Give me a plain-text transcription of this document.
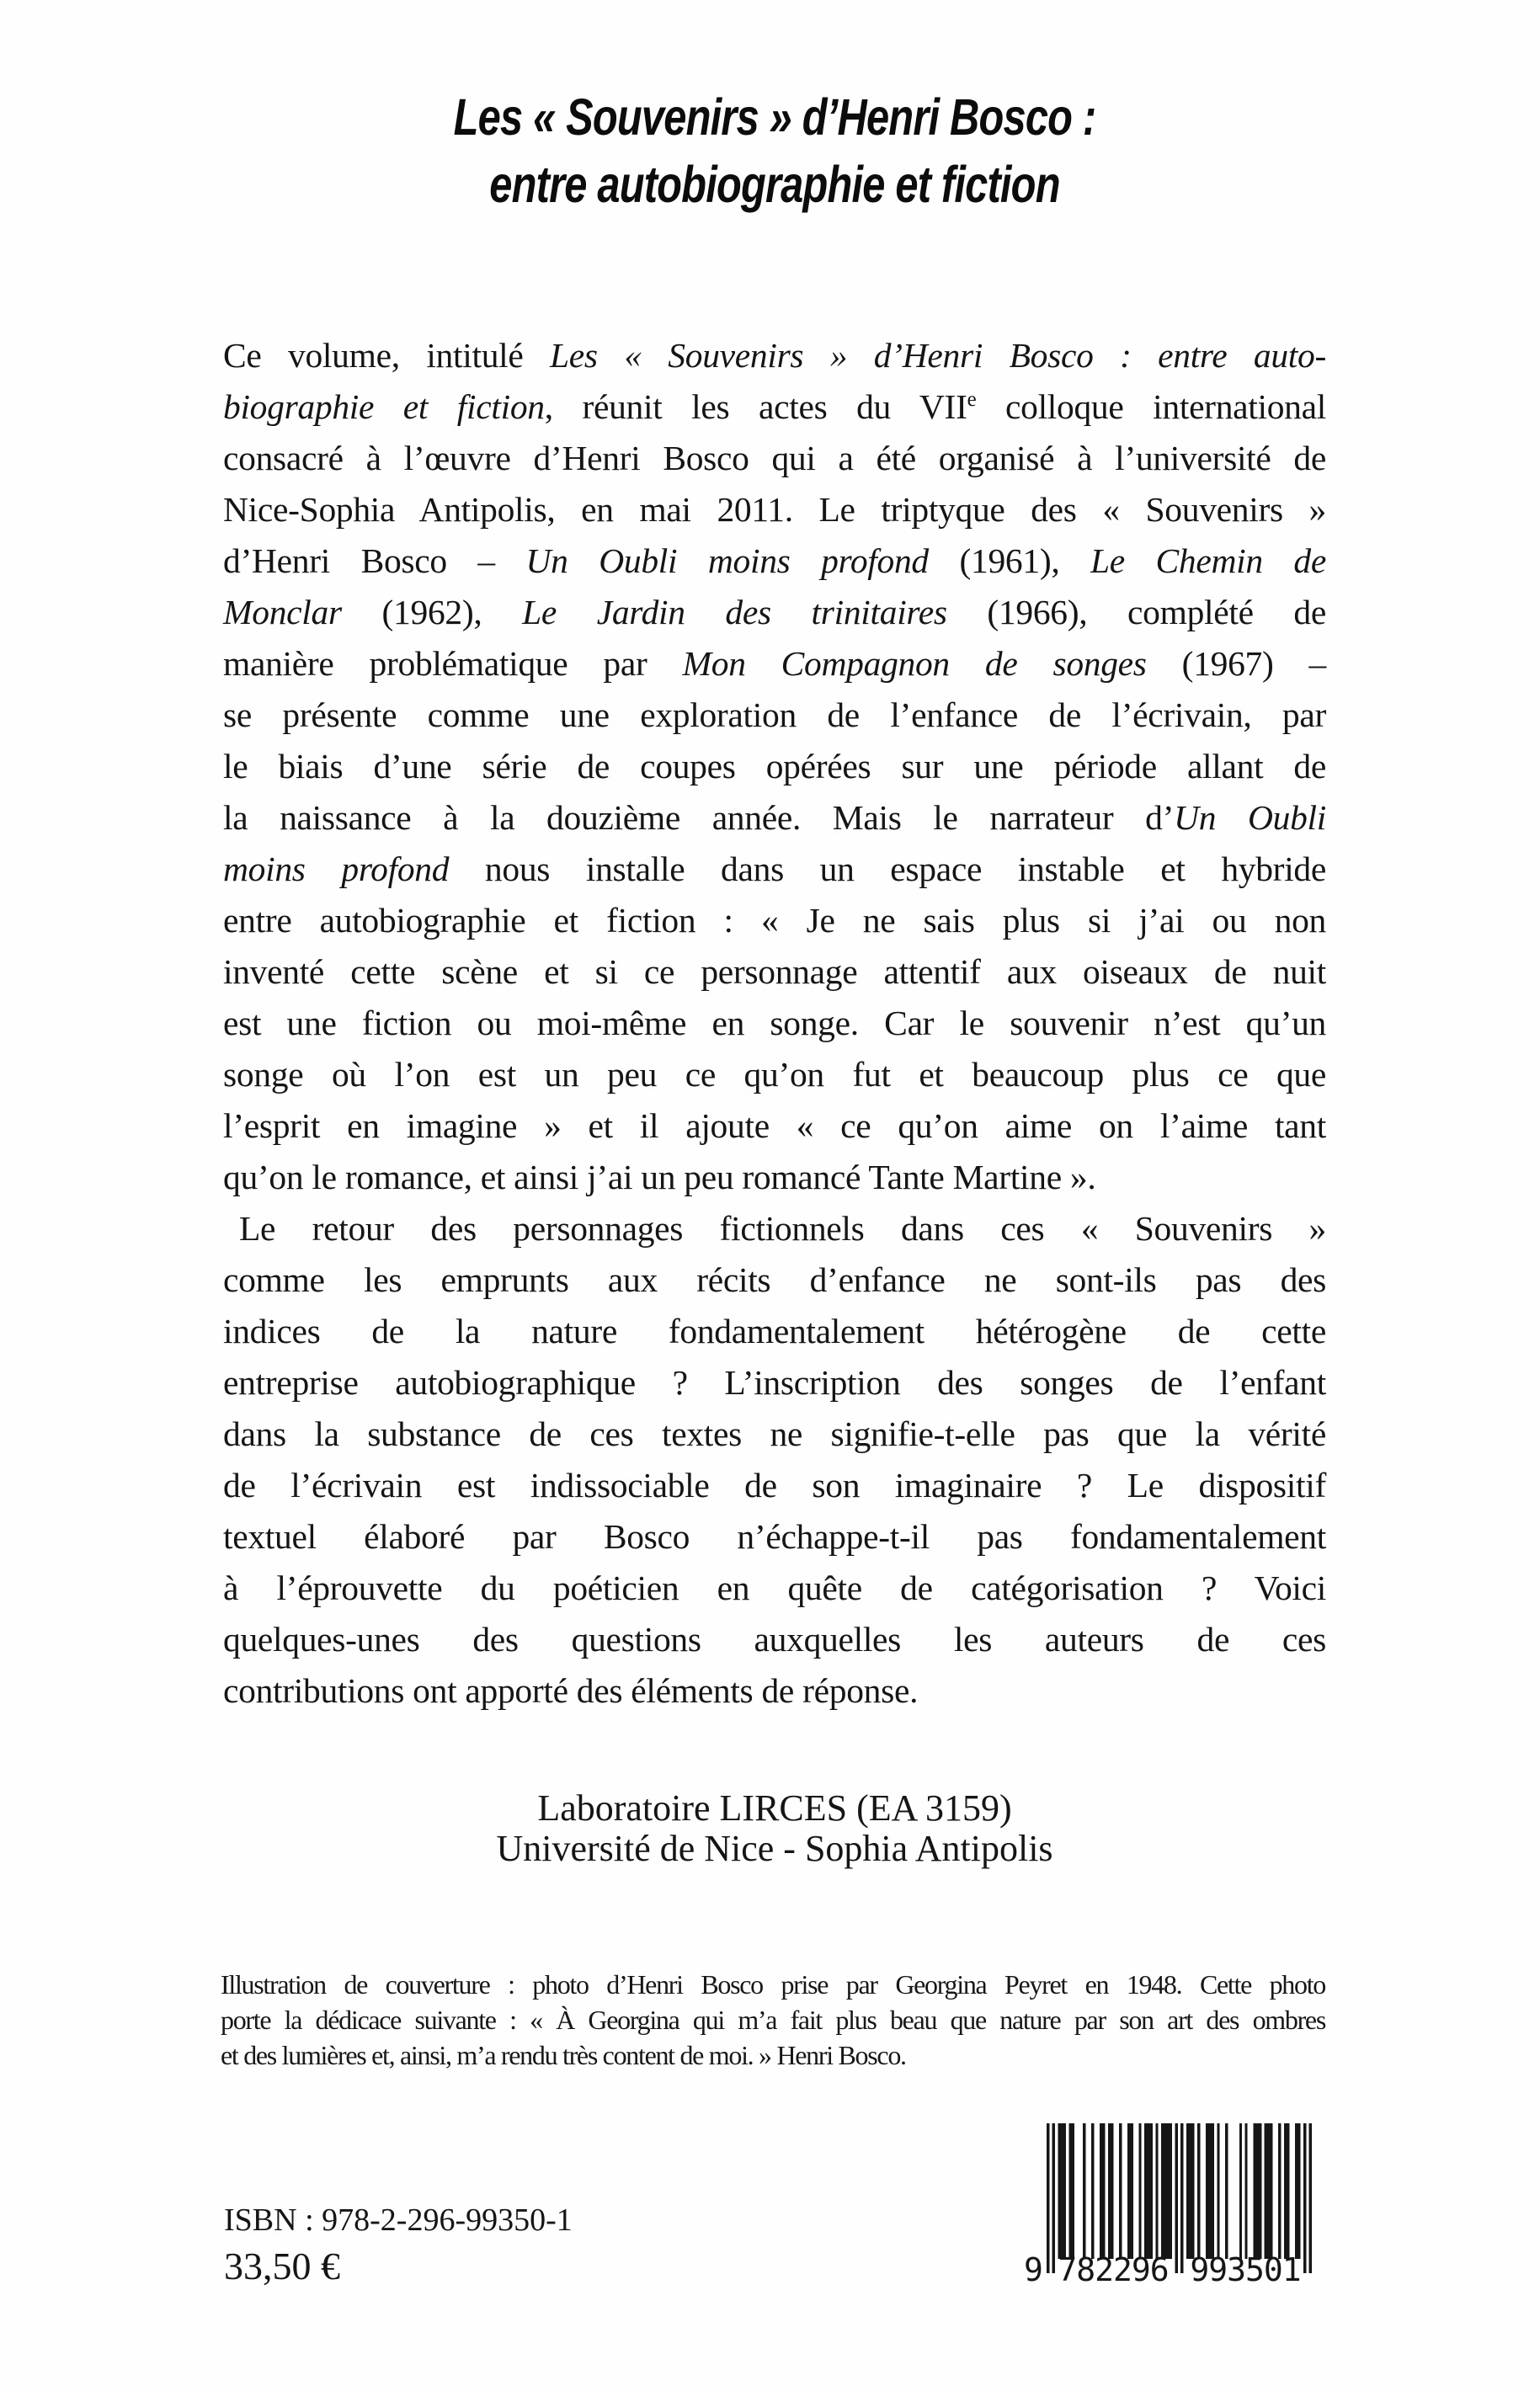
Les « Souvenirs » d’Henri Bosco :
entre autobiographie et fiction
Ce volume, intitulé Les « Souvenirs » d’Henri Bosco : entre auto-
biographie et fiction, réunit les actes du VIIe colloque international
consacré à l’œuvre d’Henri Bosco qui a été organisé à l’université de
Nice-Sophia Antipolis, en mai 2011. Le triptyque des « Souvenirs »
d’Henri Bosco – Un Oubli moins profond (1961), Le Chemin de
Monclar (1962), Le Jardin des trinitaires (1966), complété de
manière problématique par Mon Compagnon de songes (1967) –
se présente comme une exploration de l’enfance de l’écrivain, par
le biais d’une série de coupes opérées sur une période allant de
la naissance à la douzième année. Mais le narrateur d’Un Oubli
moins profond nous installe dans un espace instable et hybride
entre autobiographie et fiction : « Je ne sais plus si j’ai ou non
inventé cette scène et si ce personnage attentif aux oiseaux de nuit
est une fiction ou moi-même en songe. Car le souvenir n’est qu’un
songe où l’on est un peu ce qu’on fut et beaucoup plus ce que
l’esprit en imagine » et il ajoute « ce qu’on aime on l’aime tant
qu’on le romance, et ainsi j’ai un peu romancé Tante Martine ».
Le retour des personnages fictionnels dans ces « Souvenirs »
comme les emprunts aux récits d’enfance ne sont-ils pas des
indices de la nature fondamentalement hétérogène de cette
entreprise autobiographique ? L’inscription des songes de l’enfant
dans la substance de ces textes ne signifie-t-elle pas que la vérité
de l’écrivain est indissociable de son imaginaire ? Le dispositif
textuel élaboré par Bosco n’échappe-t-il pas fondamentalement
à l’éprouvette du poéticien en quête de catégorisation ? Voici
quelques-unes des questions auxquelles les auteurs de ces
contributions ont apporté des éléments de réponse.
Laboratoire LIRCES (EA 3159)
Université de Nice - Sophia Antipolis
Illustration de couverture : photo d’Henri Bosco prise par Georgina Peyret en 1948. Cette photo
porte la dédicace suivante : « À Georgina qui m’a fait plus beau que nature par son art des ombres
et des lumières et, ainsi, m’a rendu très content de moi. » Henri Bosco.
ISBN : 978-2-296-99350-1
33,50 €	9 782296 993501
